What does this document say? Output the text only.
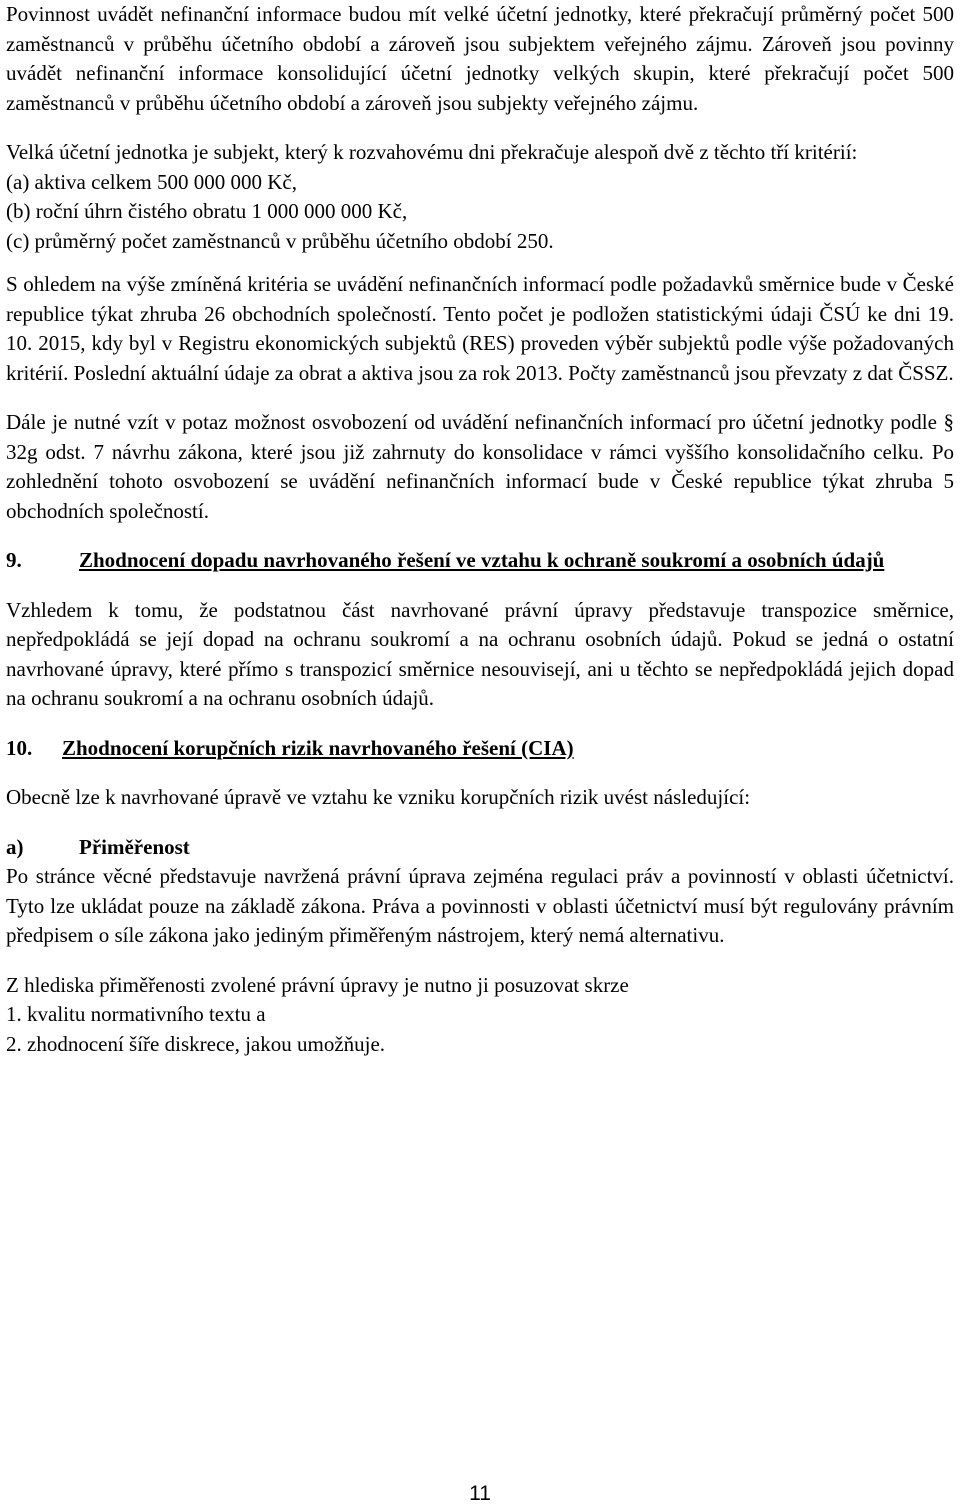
Povinnost uvádět nefinanční informace budou mít velké účetní jednotky, které překračují průměrný počet 500 zaměstnanců v průběhu účetního období a zároveň jsou subjektem veřejného zájmu. Zároveň jsou povinny uvádět nefinanční informace konsolidující účetní jednotky velkých skupin, které překračují počet 500 zaměstnanců v průběhu účetního období a zároveň jsou subjekty veřejného zájmu.

Velká účetní jednotka je subjekt, který k rozvahovému dni překračuje alespoň dvě z těchto tří kritérií:

(a) aktiva celkem 500 000 000 Kč,

(b) roční úhrn čistého obratu 1 000 000 000 Kč,

(c) průměrný počet zaměstnanců v průběhu účetního období 250.

S ohledem na výše zmíněná kritéria se uvádění nefinančních informací podle požadavků směrnice bude v České republice týkat zhruba 26 obchodních společností. Tento počet je podložen statistickými údaji ČSÚ ke dni 19. 10. 2015, kdy byl v Registru ekonomických subjektů (RES) proveden výběr subjektů podle výše požadovaných kritérií. Poslední aktuální údaje za obrat a aktiva jsou za rok 2013. Počty zaměstnanců jsou převzaty z dat ČSSZ.

Dále je nutné vzít v potaz možnost osvobození od uvádění nefinančních informací pro účetní jednotky podle § 32g odst. 7 návrhu zákona, které jsou již zahrnuty do konsolidace v rámci vyššího konsolidačního celku. Po zohlednění tohoto osvobození se uvádění nefinančních informací bude v České republice týkat zhruba 5 obchodních společností.

9.	Zhodnocení dopadu navrhovaného řešení ve vztahu k ochraně soukromí a osobních údajů

Vzhledem k tomu, že podstatnou část navrhované právní úpravy představuje transpozice směrnice, nepředpokládá se její dopad na ochranu soukromí a na ochranu osobních údajů. Pokud se jedná o ostatní navrhované úpravy, které přímo s transpozicí směrnice nesouvisejí, ani u těchto se nepředpokládá jejich dopad na ochranu soukromí a na ochranu osobních údajů.

10.	Zhodnocení korupčních rizik navrhovaného řešení (CIA)

Obecně lze k navrhované úpravě ve vztahu ke vzniku korupčních rizik uvést následující:

a)	Přiměřenost

Po stránce věcné představuje navržená právní úprava zejména regulaci práv a povinností v oblasti účetnictví. Tyto lze ukládat pouze na základě zákona. Práva a povinnosti v oblasti účetnictví musí být regulovány právním předpisem o síle zákona jako jediným přiměřeným nástrojem, který nemá alternativu.

Z hlediska přiměřenosti zvolené právní úpravy je nutno ji posuzovat skrze

1. kvalitu normativního textu a

2. zhodnocení šíře diskrece, jakou umožňuje.

11
